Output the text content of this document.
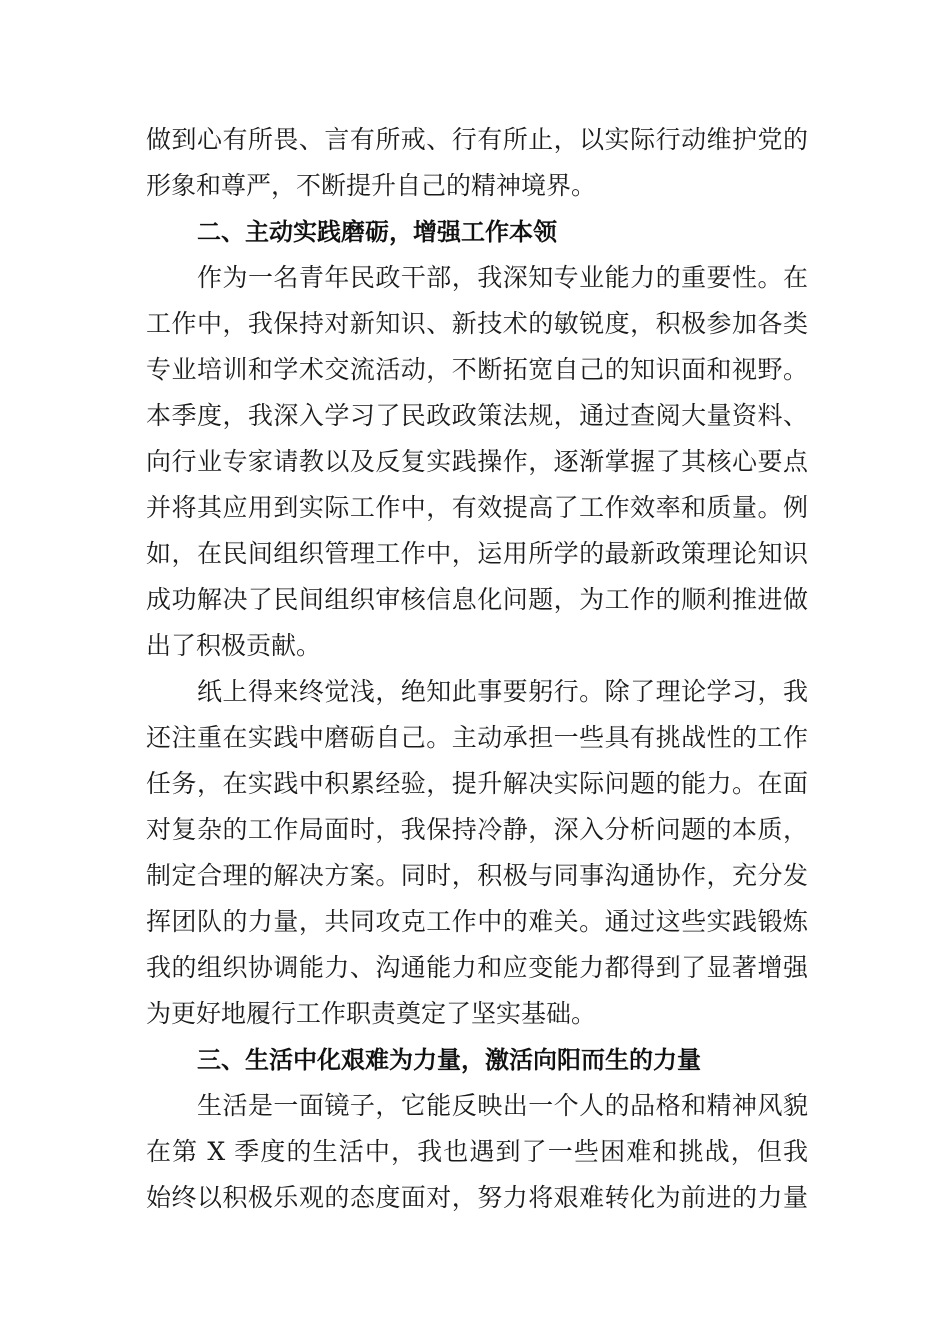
做到心有所畏、言有所戒、行有所止，以实际行动维护党的
形象和尊严，不断提升自己的精神境界。
二、主动实践磨砺，增强工作本领
作为一名青年民政干部，我深知专业能力的重要性。在
工作中，我保持对新知识、新技术的敏锐度，积极参加各类
专业培训和学术交流活动，不断拓宽自己的知识面和视野。
本季度，我深入学习了民政政策法规，通过查阅大量资料、
向行业专家请教以及反复实践操作，逐渐掌握了其核心要点
并将其应用到实际工作中，有效提高了工作效率和质量。例
如，在民间组织管理工作中，运用所学的最新政策理论知识
成功解决了民间组织审核信息化问题，为工作的顺利推进做
出了积极贡献。
纸上得来终觉浅，绝知此事要躬行。除了理论学习，我
还注重在实践中磨砺自己。主动承担一些具有挑战性的工作
任务，在实践中积累经验，提升解决实际问题的能力。在面
对复杂的工作局面时，我保持冷静，深入分析问题的本质，
制定合理的解决方案。同时，积极与同事沟通协作，充分发
挥团队的力量，共同攻克工作中的难关。通过这些实践锻炼
我的组织协调能力、沟通能力和应变能力都得到了显著增强
为更好地履行工作职责奠定了坚实基础。
三、生活中化艰难为力量，激活向阳而生的力量
生活是一面镜子，它能反映出一个人的品格和精神风貌
在第 X 季度的生活中，我也遇到了一些困难和挑战，但我
始终以积极乐观的态度面对，努力将艰难转化为前进的力量
